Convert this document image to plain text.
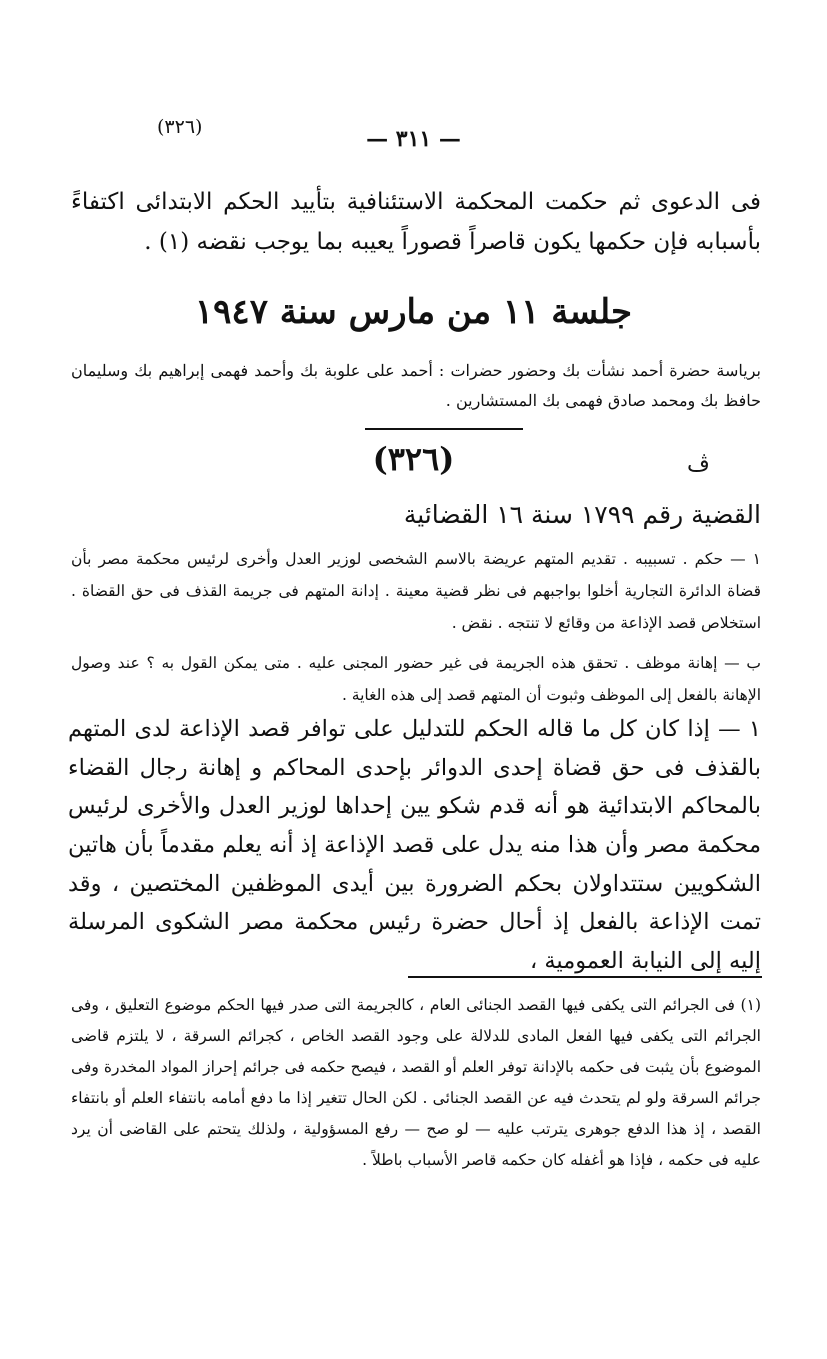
(٣٢٦)	— ٣١١ —

فى الدعوى ثم حكمت المحكمة الاستئنافية بتأييد الحكم الابتدائى اكتفاءً بأسبابه فإن حكمها يكون قاصراً قصوراً يعيبه بما يوجب نقضه (١) .

جلسة ١١ من مارس سنة ١٩٤٧

برياسة حضرة أحمد نشأت بك وحضور حضرات : أحمد على علوبة بك وأحمد فهمى إبراهيم بك وسليمان حافظ بك ومحمد صادق فهمى بك المستشارين .

(٣٢٦)	ﭪ
القضية رقم ١٧٩٩ سنة ١٦ القضائية

١ — حكم . تسبيبه . تقديم المتهم عريضة بالاسم الشخصى لوزير العدل وأخرى لرئيس محكمة مصر بأن قضاة الدائرة التجارية أخلوا بواجبهم فى نظر قضية معينة . إدانة المتهم فى جريمة القذف فى حق القضاة . استخلاص قصد الإذاعة من وقائع لا تنتجه . نقض .

ب — إهانة موظف . تحقق هذه الجريمة فى غير حضور المجنى عليه . متى يمكن القول به ؟ عند وصول الإهانة بالفعل إلى الموظف وثبوت أن المتهم قصد إلى هذه الغاية .

١ — إذا كان كل ما قاله الحكم للتدليل على توافر قصد الإذاعة لدى المتهم بالقذف فى حق قضاة إحدى الدوائر بإحدى المحاكم و إهانة رجال القضاء بالمحاكم الابتدائية هو أنه قدم شكو يين إحداها لوزير العدل والأخرى لرئيس محكمة مصر وأن هذا منه يدل على قصد الإذاعة إذ أنه يعلم مقدماً بأن هاتين الشكويين ستتداولان بحكم الضرورة بين أيدى الموظفين المختصين ، وقد تمت الإذاعة بالفعل إذ أحال حضرة رئيس محكمة مصر الشكوى المرسلة إليه إلى النيابة العمومية ،

(١) فى الجرائم التى يكفى فيها القصد الجنائى العام ، كالجريمة التى صدر فيها الحكم موضوع التعليق ، وفى الجرائم التى يكفى فيها الفعل المادى للدلالة على وجود القصد الخاص ، كجرائم السرقة ، لا يلتزم قاضى الموضوع بأن يثبت فى حكمه بالإدانة توفر العلم أو القصد ، فيصح حكمه فى جرائم إحراز المواد المخدرة وفى جرائم السرقة ولو لم يتحدث فيه عن القصد الجنائى . لكن الحال تتغير إذا ما دفع أمامه بانتفاء العلم أو بانتفاء القصد ، إذ هذا الدفع جوهرى يترتب عليه — لو صح — رفع المسؤولية ، ولذلك يتحتم على القاضى أن يرد عليه فى حكمه ، فإذا هو أغفله كان حكمه قاصر الأسباب باطلاً .
